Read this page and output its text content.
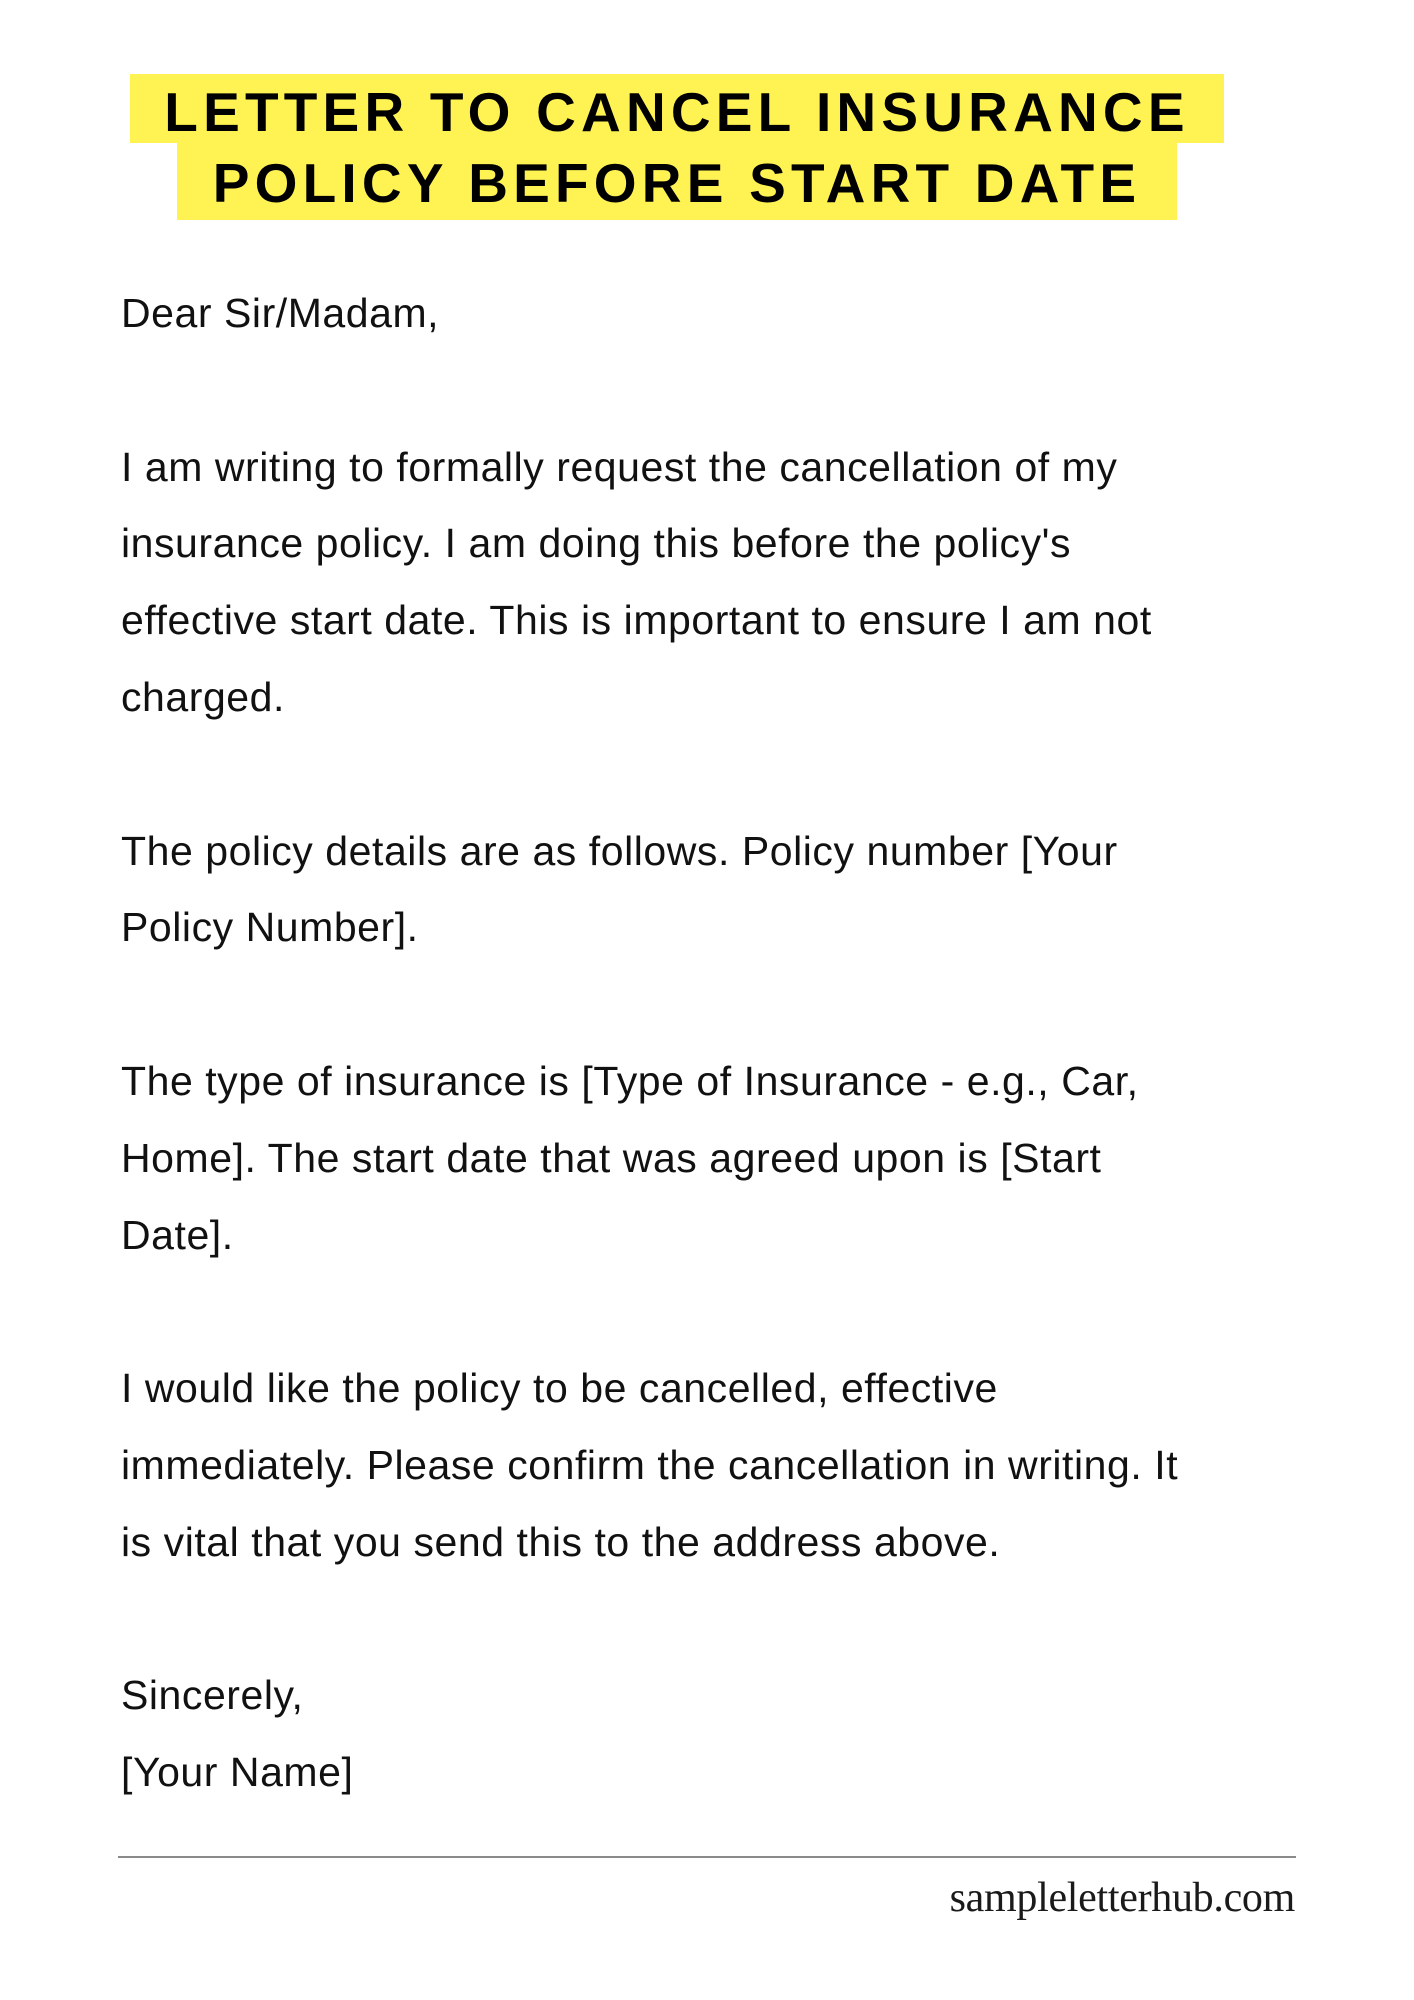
LETTER TO CANCEL INSURANCE
POLICY BEFORE START DATE
Dear Sir/Madam,
I am writing to formally request the cancellation of my
insurance policy. I am doing this before the policy's
effective start date. This is important to ensure I am not
charged.
The policy details are as follows. Policy number [Your
Policy Number].
The type of insurance is [Type of Insurance - e.g., Car,
Home]. The start date that was agreed upon is [Start
Date].
I would like the policy to be cancelled, effective
immediately. Please confirm the cancellation in writing. It
is vital that you send this to the address above.
Sincerely,
[Your Name]
sampleletterhub.com
